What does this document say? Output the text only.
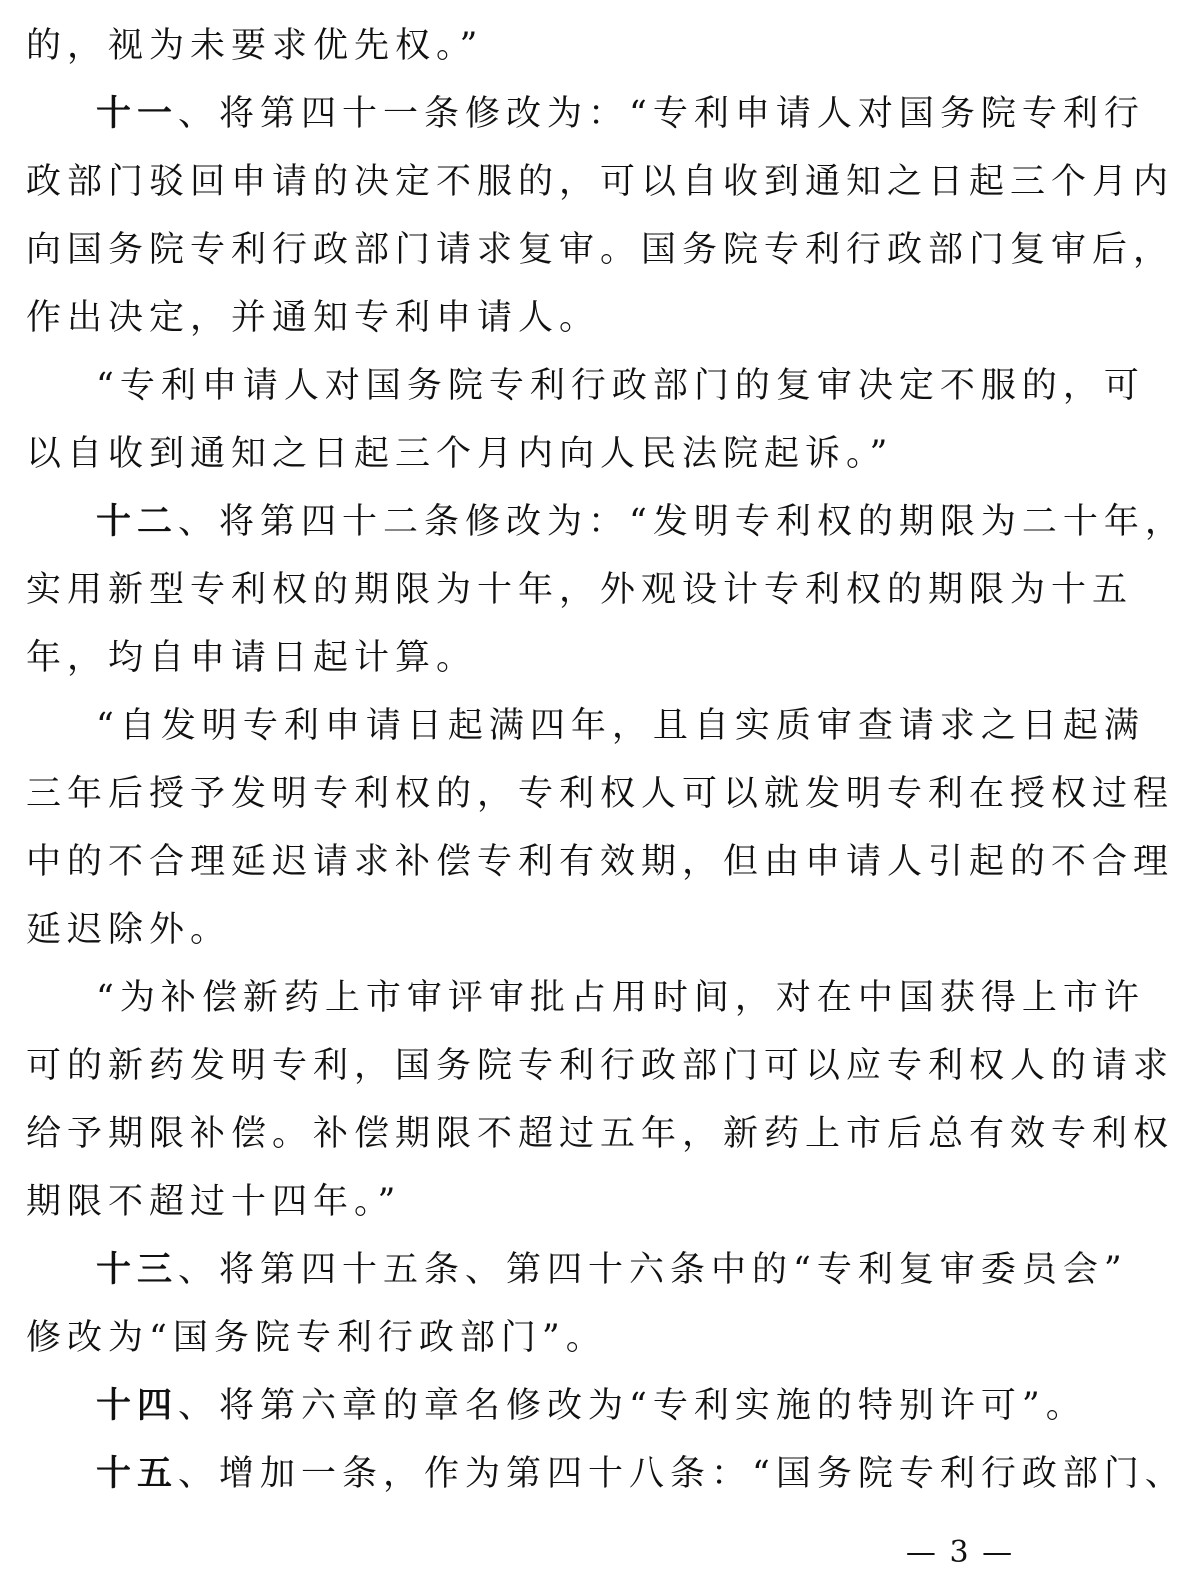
的，视为未要求优先权。”
十一、将第四十一条修改为：“专利申请人对国务院专利行
政部门驳回申请的决定不服的，可以自收到通知之日起三个月内
向国务院专利行政部门请求复审。国务院专利行政部门复审后，
作出决定，并通知专利申请人。
“专利申请人对国务院专利行政部门的复审决定不服的，可
以自收到通知之日起三个月内向人民法院起诉。”
十二、将第四十二条修改为：“发明专利权的期限为二十年，
实用新型专利权的期限为十年，外观设计专利权的期限为十五
年，均自申请日起计算。
“自发明专利申请日起满四年，且自实质审查请求之日起满
三年后授予发明专利权的，专利权人可以就发明专利在授权过程
中的不合理延迟请求补偿专利有效期，但由申请人引起的不合理
延迟除外。
“为补偿新药上市审评审批占用时间，对在中国获得上市许
可的新药发明专利，国务院专利行政部门可以应专利权人的请求
给予期限补偿。补偿期限不超过五年，新药上市后总有效专利权
期限不超过十四年。”
十三、将第四十五条、第四十六条中的“专利复审委员会”
修改为“国务院专利行政部门”。
十四、将第六章的章名修改为“专利实施的特别许可”。
十五、增加一条，作为第四十八条：“国务院专利行政部门、
— 3 —
